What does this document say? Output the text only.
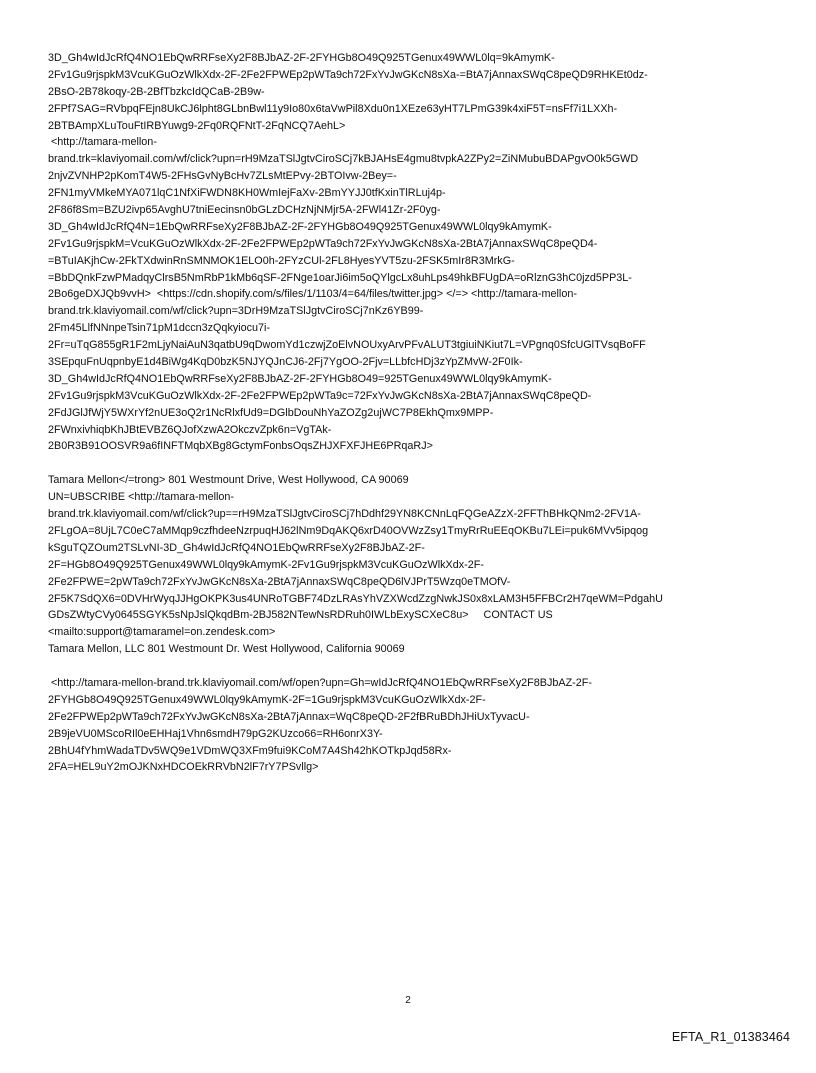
3D_Gh4wIdJcRfQ4NO1EbQwRRFseXy2F8BJbAZ-2F-2FYHGb8O49Q925TGenux49WWL0lq=9kAmymK-
2Fv1Gu9rjspkM3VcuKGuOzWlkXdx-2F-2Fe2FPWEp2pWTa9ch72FxYvJwGKcN8sXa-=BtA7jAnnaxSWqC8peQD9RHKEt0dz-
2BsO-2B78koqy-2B-2BfTbzkcIdQCaB-2B9w-
2FPf7SAG=RVbpqFEjn8UkCJ6lpht8GLbnBwl11y9Io80x6taVwPil8Xdu0n1XEze63yHT7LPmG39k4xiF5T=nsFf7i1LXXh-
2BTBAmpXLuTouFtIRBYuwg9-2Fq0RQFNtT-2FqNCQ7AehL>
<http://tamara-mellon-
brand.trk=klaviyomail.com/wf/click?upn=rH9MzaTSlJgtvCiroSCj7kBJAHsE4gmu8tvpkA2ZPy2=ZiNMubuBDAPgvO0k5GWD
2njvZVNHP2pKomT4W5-2FHsGvNyBcHv7ZLsMtEPvy-2BTOIvw-2Bey=-
2FN1myVMkeMYA071lqC1NfXiFWDN8KH0WmIejFaXv-2BmYYJJ0tfKxinTlRLuj4p-
2F86f8Sm=BZU2ivp65AvghU7tniEecinsn0bGLzDCHzNjNMjr5A-2FWl41Zr-2F0yg-
3D_Gh4wIdJcRfQ4N=1EbQwRRFseXy2F8BJbAZ-2F-2FYHGb8O49Q925TGenux49WWL0lqy9kAmymK-
2Fv1Gu9rjspkM=VcuKGuOzWlkXdx-2F-2Fe2FPWEp2pWTa9ch72FxYvJwGKcN8sXa-2BtA7jAnnaxSWqC8peQD4-
=BTuIAKjhCw-2FkTXdwinRnSMNMOK1ELO0h-2FYzCUl-2FL8HyesYVT5zu-2FSK5mIr8R3MrkG-
=BbDQnkFzwPMadqyClrsB5NmRbP1kMb6qSF-2FNge1oarJi6im5oQYlgcLx8uhLps49hkBFUgDA=oRlznG3hC0jzd5PP3L-
2Bo6geDXJQb9vvH>  <https://cdn.shopify.com/s/files/1/1103/4=64/files/twitter.jpg> </=> <http://tamara-mellon-
brand.trk.klaviyomail.com/wf/click?upn=3DrH9MzaTSlJgtvCiroSCj7nKz6YB99-
2Fm45LlfNNnpeTsin71pM1dccn3zQqkyiocu7i-
2Fr=uTqG855gR1F2mLjyNaiAuN3qatbU9qDwomYd1czwjZoElvNOUxyArvPFvALUT3tgiuiNKiut7L=VPgnq0SfcUGlTVsqBoFF
3SEpquFnUqpnbyE1d4BiWg4KqD0bzK5NJYQJnCJ6-2Fj7YgOO-2Fjv=LLbfcHDj3zYpZMvW-2F0Ik-
3D_Gh4wIdJcRfQ4NO1EbQwRRFseXy2F8BJbAZ-2F-2FYHGb8O49=925TGenux49WWL0lqy9kAmymK-
2Fv1Gu9rjspkM3VcuKGuOzWlkXdx-2F-2Fe2FPWEp2pWTa9c=72FxYvJwGKcN8sXa-2BtA7jAnnaxSWqC8peQD-
2FdJGlJfWjY5WXrYf2nUE3oQ2r1NcRlxfUd9=DGlbDouNhYaZOZg2ujWC7P8EkhQmx9MPP-
2FWnxivhiqbKhJBtEVBZ6QJofXzwA2OkczvZpk6n=VgTAk-
2B0R3B91OOSVR9a6fINFTMqbXBg8GctymFonbsOqsZHJXFXFJHE6PRqaRJ>

Tamara Mellon</=trong> 801 Westmount Drive, West Hollywood, CA 90069
UN=UBSCRIBE <http://tamara-mellon-
brand.trk.klaviyomail.com/wf/click?up==rH9MzaTSlJgtvCiroSCj7hDdhf29YN8KCNnLqFQGeAZzX-2FFThBHkQNm2-2FV1A-
2FLgOA=8UjL7C0eC7aMMqp9czfhdeeNzrpuqHJ62lNm9DqAKQ6xrD40OVWzZsy1TmyRrRuEEqOKBu7LEi=puk6MVv5ipqog
kSguTQZOum2TSLvNI-3D_Gh4wIdJcRfQ4NO1EbQwRRFseXy2F8BJbAZ-2F-
2F=HGb8O49Q925TGenux49WWL0lqy9kAmymK-2Fv1Gu9rjspkM3VcuKGuOzWlkXdx-2F-
2Fe2FPWE=2pWTa9ch72FxYvJwGKcN8sXa-2BtA7jAnnaxSWqC8peQD6lVJPrT5Wzq0eTMOfV-
2F5K7SdQX6=0DVHrWyqJJHgOKPK3us4UNRoTGBF74DzLRAsYhVZXWcdZzgNwkJS0x8xLAM3H5FFBCr2H7qeWM=PdgahU
GDsZWtyCVy0645SGYK5sNpJslQkqdBm-2BJ582NTewNsRDRuh0IWLbExySCXeC8u>     CONTACT US
<mailto:support@tamaramel=on.zendesk.com>
Tamara Mellon, LLC 801 Westmount Dr. West Hollywood, California 90069

<http://tamara-mellon-brand.trk.klaviyomail.com/wf/open?upn=Gh=wIdJcRfQ4NO1EbQwRRFseXy2F8BJbAZ-2F-
2FYHGb8O49Q925TGenux49WWL0lqy9kAmymK-2F=1Gu9rjspkM3VcuKGuOzWlkXdx-2F-
2Fe2FPWEp2pWTa9ch72FxYvJwGKcN8sXa-2BtA7jAnnax=WqC8peQD-2F2fBRuBDhJHiUxTyvacU-
2B9jeVU0MScoRIl0eEHHaj1Vhn6smdH79pG2KUzco66=RH6onrX3Y-
2BhU4fYhmWadaTDv5WQ9e1VDmWQ3XFm9fui9KCoM7A4Sh42hKOTkpJqd58Rx-
2FA=HEL9uY2mOJKNxHDCOEkRRVbN2lF7rY7PSvllg>
2
EFTA_R1_01383464
